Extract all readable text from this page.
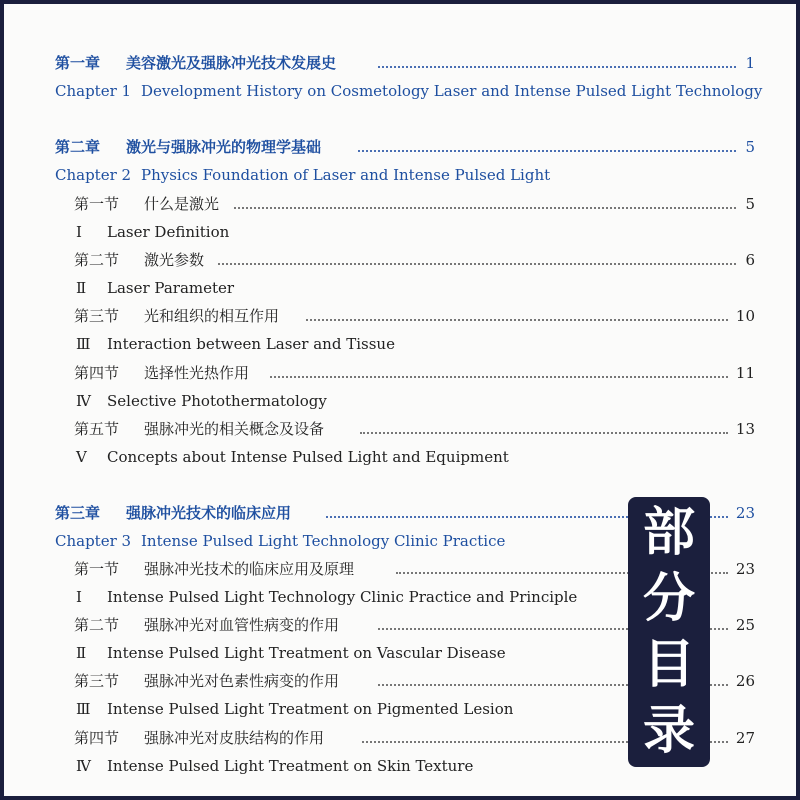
第一章 美容激光及强脉冲光技术发展史	1
Chapter 1 Development History on Cosmetology Laser and Intense Pulsed Light Technology
第二章 激光与强脉冲光的物理学基础	5
Chapter 2 Physics Foundation of Laser and Intense Pulsed Light
第一节 什么是激光	5
Ⅰ Laser Definition
第二节 激光参数	6
Ⅱ Laser Parameter
第三节 光和组织的相互作用	10
Ⅲ Interaction between Laser and Tissue
第四节 选择性光热作用	11
Ⅳ Selective Photothermatology
第五节 强脉冲光的相关概念及设备	13
Ⅴ Concepts about Intense Pulsed Light and Equipment
第三章 强脉冲光技术的临床应用	23
Chapter 3 Intense Pulsed Light Technology Clinic Practice
第一节 强脉冲光技术的临床应用及原理	23
Ⅰ Intense Pulsed Light Technology Clinic Practice and Principle
第二节 强脉冲光对血管性病变的作用	25
Ⅱ Intense Pulsed Light Treatment on Vascular Disease
第三节 强脉冲光对色素性病变的作用	26
Ⅲ Intense Pulsed Light Treatment on Pigmented Lesion
第四节 强脉冲光对皮肤结构的作用	27
Ⅳ Intense Pulsed Light Treatment on Skin Texture
部
分
目
录
